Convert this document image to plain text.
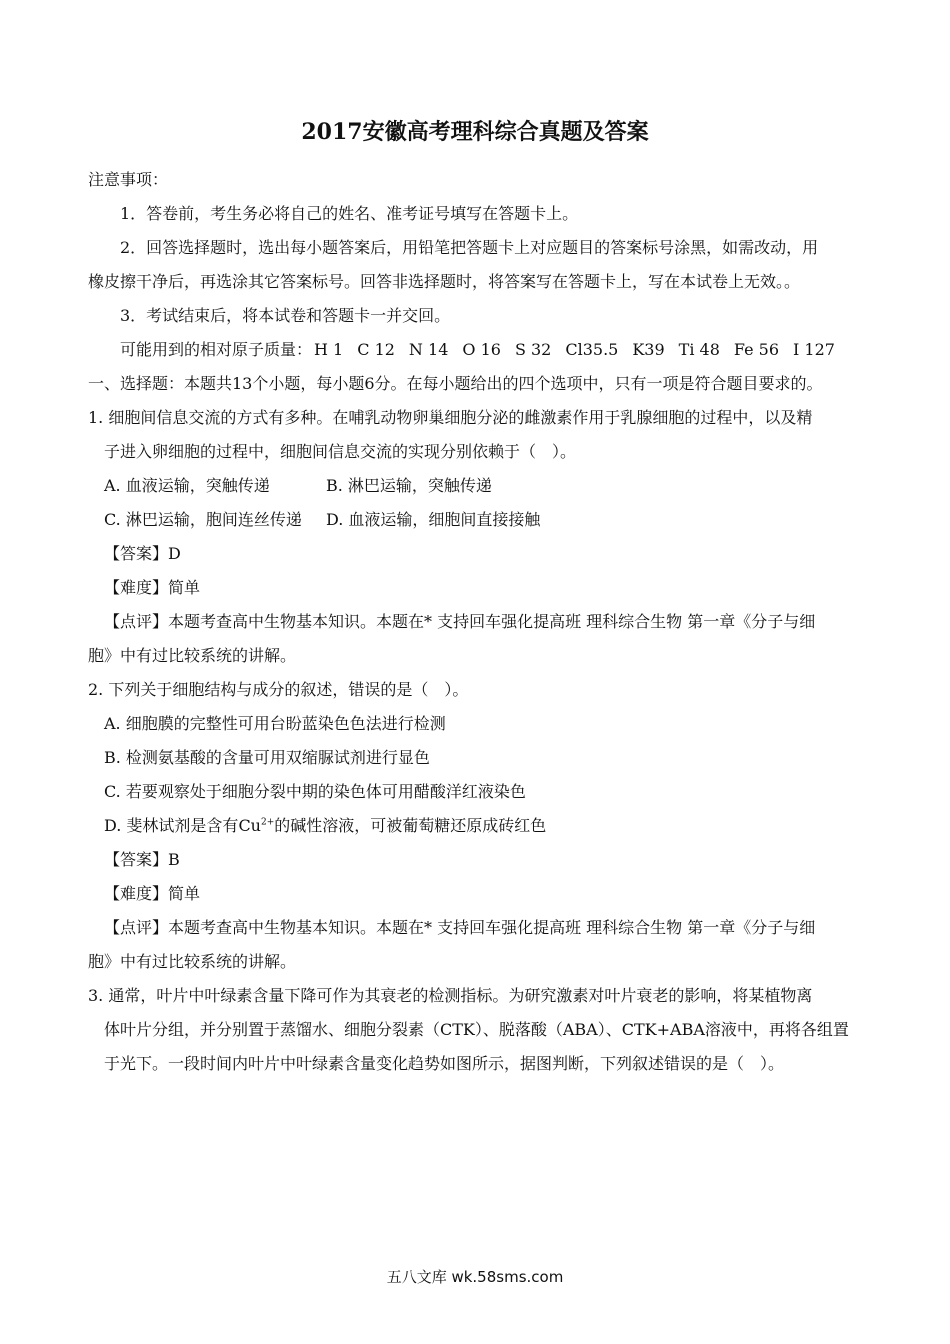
2017安徽高考理科综合真题及答案
注意事项：
1．答卷前，考生务必将自己的姓名、准考证号填写在答题卡上。
2．回答选择题时，选出每小题答案后，用铅笔把答题卡上对应题目的答案标号涂黑，如需改动，用
橡皮擦干净后，再选涂其它答案标号。回答非选择题时，将答案写在答题卡上，写在本试卷上无效。。
3．考试结束后，将本试卷和答题卡一并交回。
可能用到的相对原子质量： H 1 C 12 N 14 O 16 S 32 Cl35.5 K39 Ti 48 Fe 56 I 127
一、选择题：本题共13个小题，每小题6分。在每小题给出的四个选项中，只有一项是符合题目要求的。
1. 细胞间信息交流的方式有多种。在哺乳动物卵巢细胞分泌的雌激素作用于乳腺细胞的过程中，以及精
子进入卵细胞的过程中，细胞间信息交流的实现分别依赖于（　）。
A. 血液运输，突触传递	B. 淋巴运输，突触传递
C. 淋巴运输，胞间连丝传递 D. 血液运输，细胞间直接接触
【答案】D
【难度】简单
【点评】本题考查高中生物基本知识。本题在* 支持回车强化提高班 理科综合生物 第一章《分子与细
胞》中有过比较系统的讲解。
2. 下列关于细胞结构与成分的叙述，错误的是（　）。
A. 细胞膜的完整性可用台盼蓝染色色法进行检测
B. 检测氨基酸的含量可用双缩脲试剂进行显色
C. 若要观察处于细胞分裂中期的染色体可用醋酸洋红液染色
D. 斐林试剂是含有$Cu^{2+}$的碱性溶液，可被葡萄糖还原成砖红色
【答案】B
【难度】简单
【点评】本题考查高中生物基本知识。本题在* 支持回车强化提高班 理科综合生物 第一章《分子与细
胞》中有过比较系统的讲解。
3. 通常，叶片中叶绿素含量下降可作为其衰老的检测指标。为研究激素对叶片衰老的影响，将某植物离
体叶片分组，并分别置于蒸馏水、细胞分裂素（CTK）、脱落酸（ABA）、CTK+ABA溶液中，再将各组置
于光下。一段时间内叶片中叶绿素含量变化趋势如图所示，据图判断，下列叙述错误的是（　）。
五八文库 wk.58sms.com
